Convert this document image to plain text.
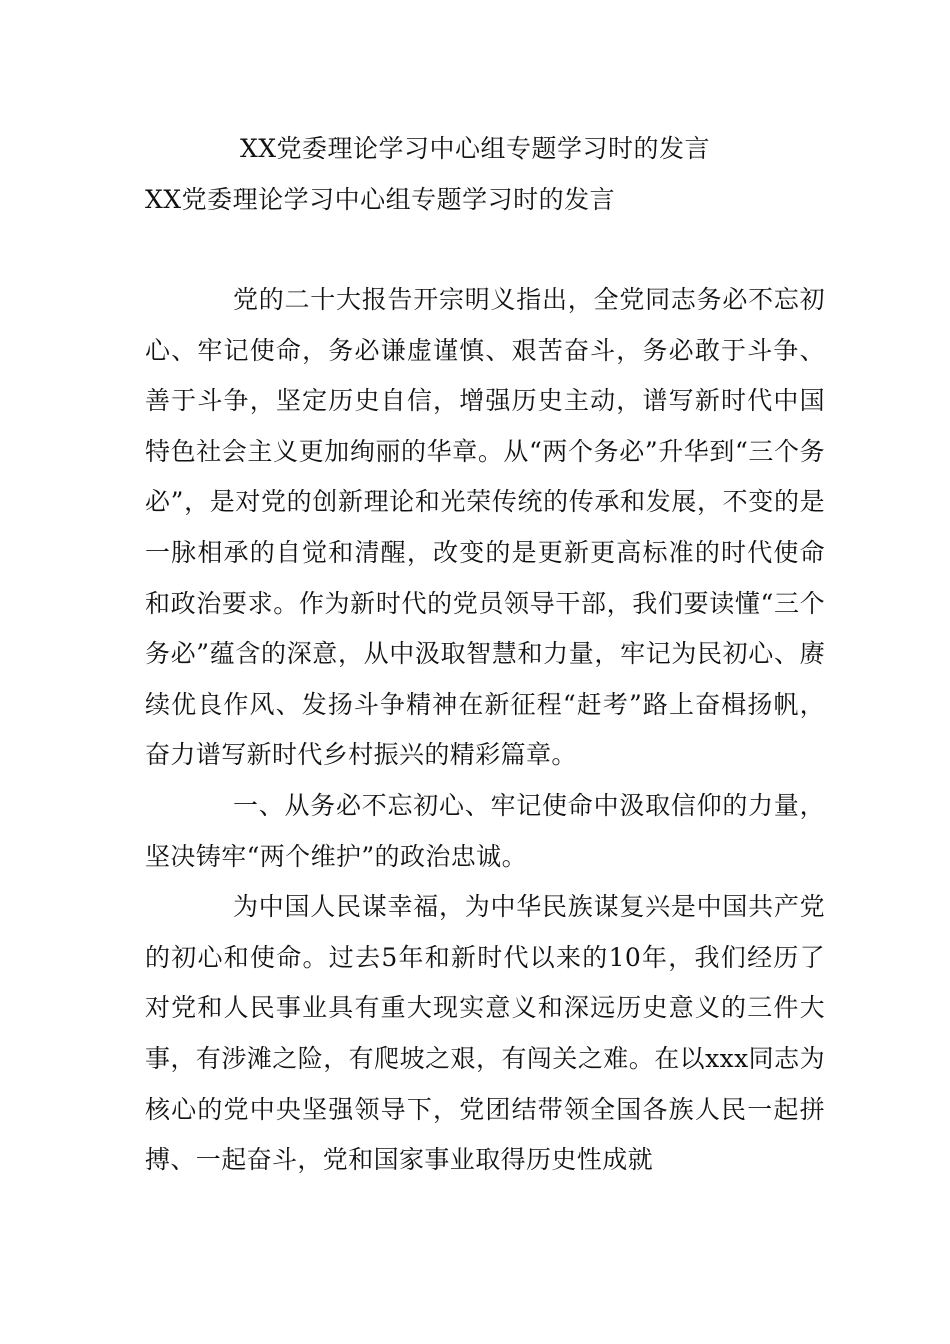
XX党委理论学习中心组专题学习时的发言
XX党委理论学习中心组专题学习时的发言

党的二十大报告开宗明义指出，全党同志务必不忘初心、牢记使命，务必谦虚谨慎、艰苦奋斗，务必敢于斗争、善于斗争，坚定历史自信，增强历史主动，谱写新时代中国特色社会主义更加绚丽的华章。从“两个务必”升华到“三个务必”，是对党的创新理论和光荣传统的传承和发展，不变的是一脉相承的自觉和清醒，改变的是更新更高标准的时代使命和政治要求。作为新时代的党员领导干部，我们要读懂“三个务必”蕴含的深意，从中汲取智慧和力量，牢记为民初心、赓续优良作风、发扬斗争精神在新征程“赶考”路上奋楫扬帆，奋力谱写新时代乡村振兴的精彩篇章。

一、从务必不忘初心、牢记使命中汲取信仰的力量，坚决铸牢“两个维护”的政治忠诚。

为中国人民谋幸福，为中华民族谋复兴是中国共产党的初心和使命。过去5年和新时代以来的10年，我们经历了对党和人民事业具有重大现实意义和深远历史意义的三件大事，有涉滩之险，有爬坡之艰，有闯关之难。在以xxx同志为核心的党中央坚强领导下，党团结带领全国各族人民一起拼搏、一起奋斗，党和国家事业取得历史性成就
